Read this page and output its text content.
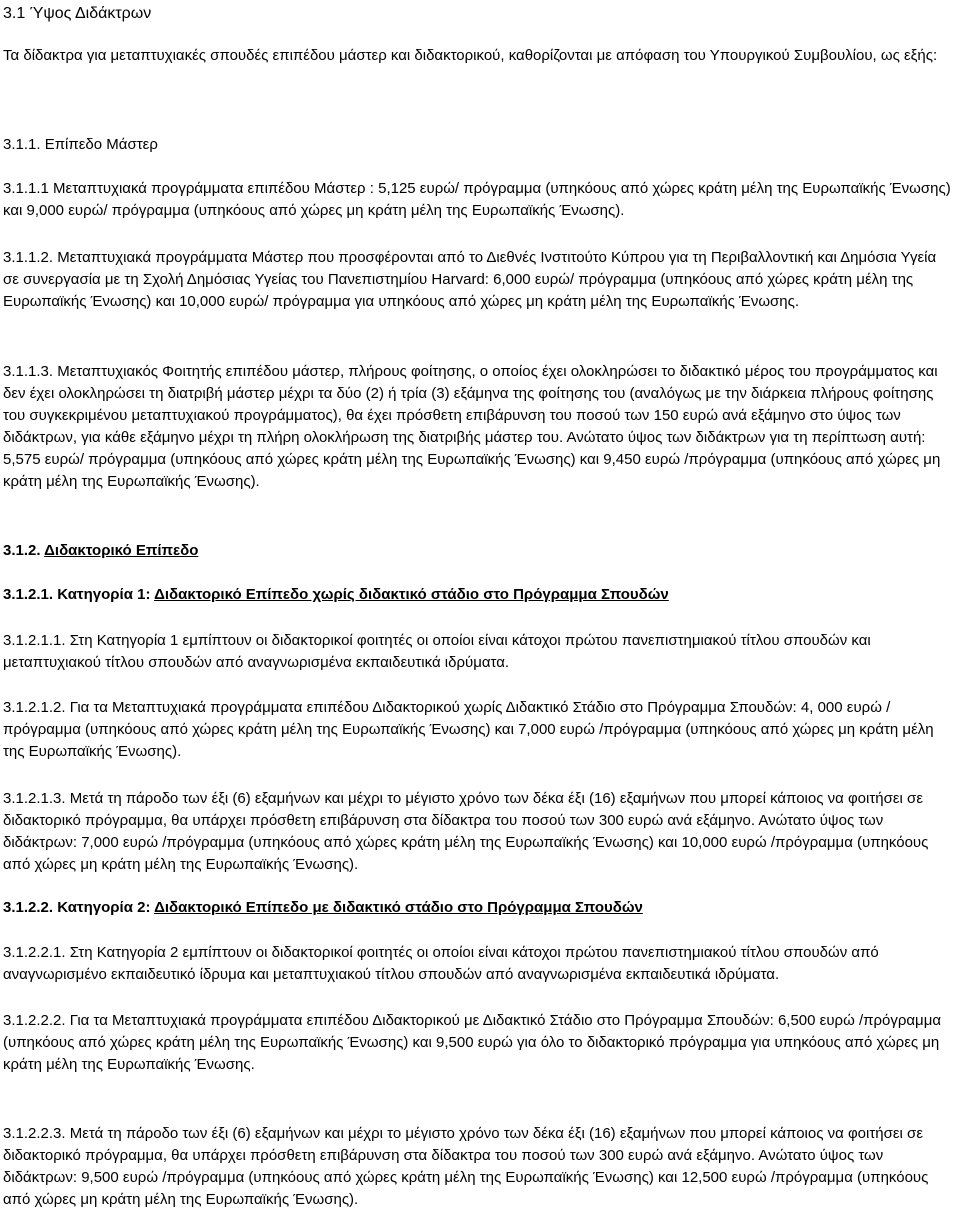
3.1 Ύψος Διδάκτρων

Τα δίδακτρα για μεταπτυχιακές σπουδές επιπέδου μάστερ και διδακτορικού, καθορίζονται με απόφαση του Υπουργικού Συμβουλίου, ως εξής:

3.1.1. Επίπεδο Μάστερ

3.1.1.1 Μεταπτυχιακά προγράμματα επιπέδου Μάστερ : 5,125 ευρώ/ πρόγραμμα (υπηκόους από χώρες κράτη μέλη της Ευρωπαϊκής Ένωσης) και 9,000 ευρώ/ πρόγραμμα (υπηκόους από χώρες μη κράτη μέλη της Ευρωπαϊκής Ένωσης).

3.1.1.2. Μεταπτυχιακά προγράμματα Μάστερ που προσφέρονται από το Διεθνές Ινστιτούτο Κύπρου για τη Περιβαλλοντική και Δημόσια Υγεία σε συνεργασία με τη Σχολή Δημόσιας Υγείας του Πανεπιστημίου Harvard: 6,000 ευρώ/ πρόγραμμα (υπηκόους από χώρες κράτη μέλη της Ευρωπαϊκής Ένωσης) και 10,000 ευρώ/ πρόγραμμα για υπηκόους από χώρες μη κράτη μέλη της Ευρωπαϊκής Ένωσης.

3.1.1.3. Μεταπτυχιακός Φοιτητής επιπέδου μάστερ, πλήρους φοίτησης, ο οποίος έχει ολοκληρώσει το διδακτικό μέρος του προγράμματος και δεν έχει ολοκληρώσει τη διατριβή μάστερ μέχρι τα δύο (2) ή τρία (3) εξάμηνα της φοίτησης του (αναλόγως με την διάρκεια πλήρους φοίτησης του συγκεκριμένου μεταπτυχιακού προγράμματος), θα έχει πρόσθετη επιβάρυνση του ποσού των 150 ευρώ ανά εξάμηνο στο ύψος των διδάκτρων, για κάθε εξάμηνο μέχρι τη πλήρη ολοκλήρωση της διατριβής μάστερ του. Ανώτατο ύψος των διδάκτρων για τη περίπτωση αυτή: 5,575 ευρώ/ πρόγραμμα (υπηκόους από χώρες κράτη μέλη της Ευρωπαϊκής Ένωσης) και 9,450 ευρώ /πρόγραμμα (υπηκόους από χώρες μη κράτη μέλη της Ευρωπαϊκής Ένωσης).

3.1.2. Διδακτορικό Επίπεδο
3.1.2.1. Κατηγορία 1: Διδακτορικό Επίπεδο χωρίς διδακτικό στάδιο στο Πρόγραμμα Σπουδών

3.1.2.1.1. Στη Κατηγορία 1 εμπίπτουν οι διδακτορικοί φοιτητές οι οποίοι είναι κάτοχοι πρώτου πανεπιστημιακού τίτλου σπουδών και μεταπτυχιακού τίτλου σπουδών από αναγνωρισμένα εκπαιδευτικά ιδρύματα.

3.1.2.1.2. Για τα Μεταπτυχιακά προγράμματα επιπέδου Διδακτορικού χωρίς Διδακτικό Στάδιο στο Πρόγραμμα Σπουδών: 4, 000 ευρώ /πρόγραμμα (υπηκόους από χώρες κράτη μέλη της Ευρωπαϊκής Ένωσης) και 7,000 ευρώ /πρόγραμμα (υπηκόους από χώρες μη κράτη μέλη της Ευρωπαϊκής Ένωσης).

3.1.2.1.3. Μετά τη πάροδο των έξι (6) εξαμήνων και μέχρι το μέγιστο χρόνο των δέκα έξι (16) εξαμήνων που μπορεί κάποιος να φοιτήσει σε διδακτορικό πρόγραμμα, θα υπάρχει πρόσθετη επιβάρυνση στα δίδακτρα του ποσού των 300 ευρώ ανά εξάμηνο. Ανώτατο ύψος των διδάκτρων: 7,000 ευρώ /πρόγραμμα (υπηκόους από χώρες κράτη μέλη της Ευρωπαϊκής Ένωσης) και 10,000 ευρώ /πρόγραμμα (υπηκόους από χώρες μη κράτη μέλη της Ευρωπαϊκής Ένωσης).

3.1.2.2. Κατηγορία 2: Διδακτορικό Επίπεδο με διδακτικό στάδιο στο Πρόγραμμα Σπουδών

3.1.2.2.1. Στη Κατηγορία 2 εμπίπτουν οι διδακτορικοί φοιτητές οι οποίοι είναι κάτοχοι πρώτου πανεπιστημιακού τίτλου σπουδών από αναγνωρισμένο εκπαιδευτικό ίδρυμα και μεταπτυχιακού τίτλου σπουδών από αναγνωρισμένα εκπαιδευτικά ιδρύματα.

3.1.2.2.2. Για τα Μεταπτυχιακά προγράμματα επιπέδου Διδακτορικού με Διδακτικό Στάδιο στο Πρόγραμμα Σπουδών: 6,500 ευρώ /πρόγραμμα (υπηκόους από χώρες κράτη μέλη της Ευρωπαϊκής Ένωσης) και 9,500 ευρώ για όλο το διδακτορικό πρόγραμμα για υπηκόους από χώρες μη κράτη μέλη της Ευρωπαϊκής Ένωσης.

3.1.2.2.3. Μετά τη πάροδο των έξι (6) εξαμήνων και μέχρι το μέγιστο χρόνο των δέκα έξι (16) εξαμήνων που μπορεί κάποιος να φοιτήσει σε διδακτορικό πρόγραμμα, θα υπάρχει πρόσθετη επιβάρυνση στα δίδακτρα του ποσού των 300 ευρώ ανά εξάμηνο. Ανώτατο ύψος των διδάκτρων: 9,500 ευρώ /πρόγραμμα (υπηκόους από χώρες κράτη μέλη της Ευρωπαϊκής Ένωσης) και 12,500 ευρώ /πρόγραμμα (υπηκόους από χώρες μη κράτη μέλη της Ευρωπαϊκής Ένωσης).
